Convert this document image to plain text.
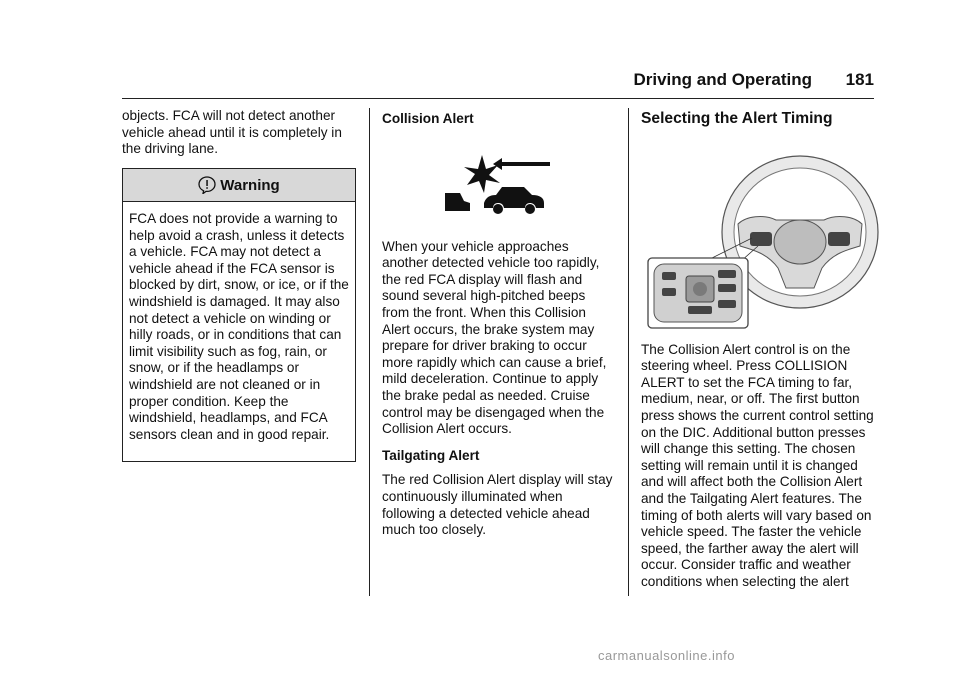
Driving and Operating 181

objects. FCA will not detect another vehicle ahead until it is completely in the driving lane.

Warning

FCA does not provide a warning to help avoid a crash, unless it detects a vehicle. FCA may not detect a vehicle ahead if the FCA sensor is blocked by dirt, snow, or ice, or if the windshield is damaged. It may also not detect a vehicle on winding or hilly roads, or in conditions that can limit visibility such as fog, rain, or snow, or if the headlamps or windshield are not cleaned or in proper condition. Keep the windshield, headlamps, and FCA sensors clean and in good repair.

Collision Alert

When your vehicle approaches another detected vehicle too rapidly, the red FCA display will flash and sound several high-pitched beeps from the front. When this Collision Alert occurs, the brake system may prepare for driver braking to occur more rapidly which can cause a brief, mild deceleration. Continue to apply the brake pedal as needed. Cruise control may be disengaged when the Collision Alert occurs.

Tailgating Alert

The red Collision Alert display will stay continuously illuminated when following a detected vehicle ahead much too closely.

Selecting the Alert Timing

The Collision Alert control is on the steering wheel. Press COLLISION ALERT to set the FCA timing to far, medium, near, or off. The first button press shows the current control setting on the DIC. Additional button presses will change this setting. The chosen setting will remain until it is changed and will affect both the Collision Alert and the Tailgating Alert features. The timing of both alerts will vary based on vehicle speed. The faster the vehicle speed, the farther away the alert will occur. Consider traffic and weather conditions when selecting the alert

carmanualsonline.info
